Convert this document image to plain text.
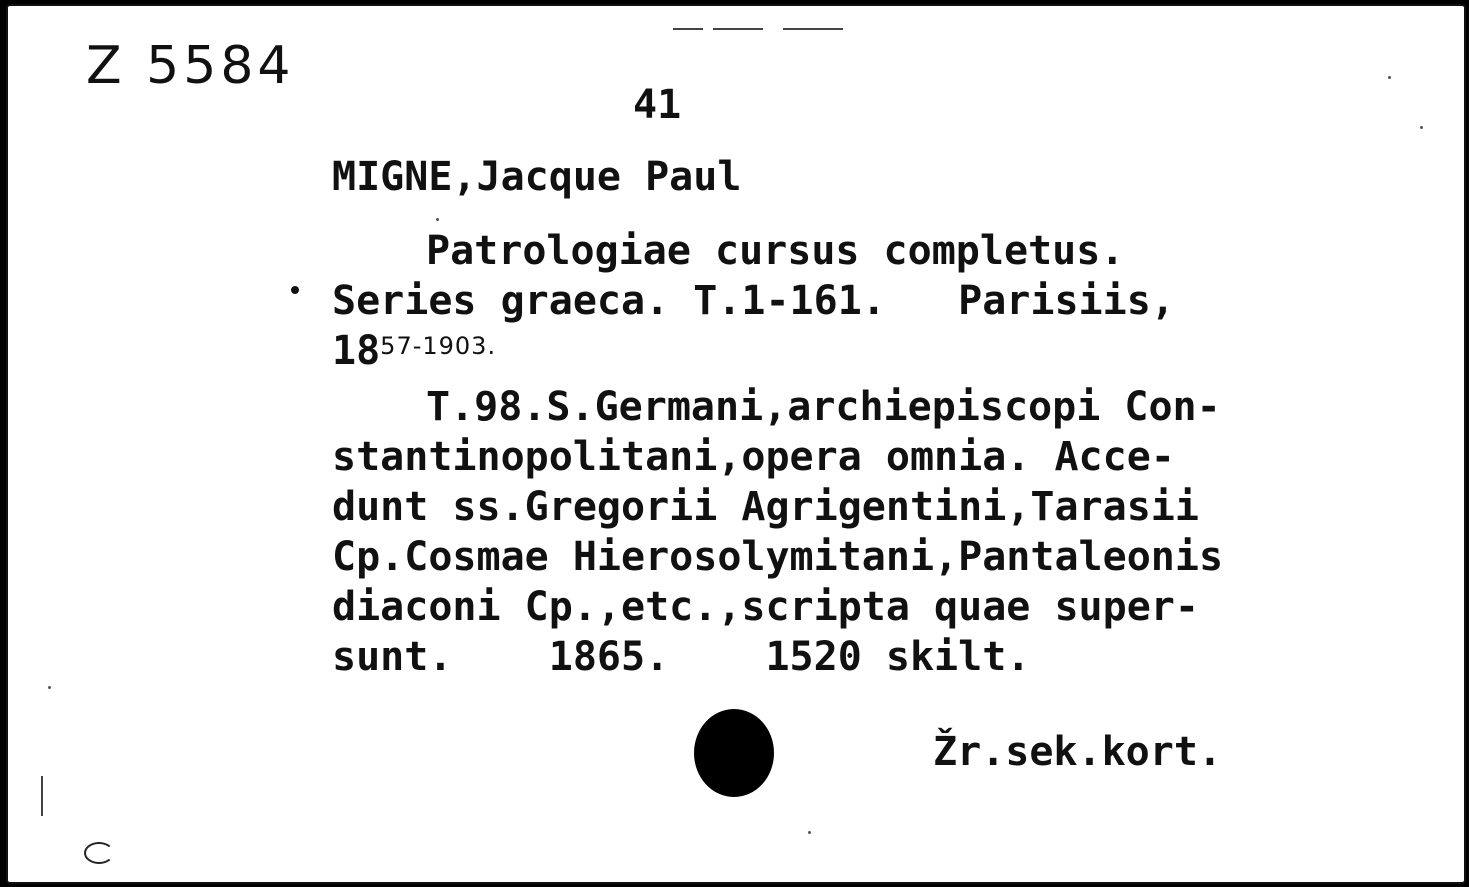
Z 5584
41
MIGNE,Jacque Paul
Patrologiae cursus completus.
Series graeca. T.1-161.   Parisiis,
$18^{57-1903.}$
T.98.S.Germani,archiepiscopi Con-
stantinopolitani,opera omnia. Acce-
dunt ss.Gregorii Agrigentini,Tarasii
Cp.Cosmae Hierosolymitani,Pantaleonis
diaconi Cp.,etc.,scripta quae super-
sunt.    1865.    1520 skilt.
Žr.sek.kort.
